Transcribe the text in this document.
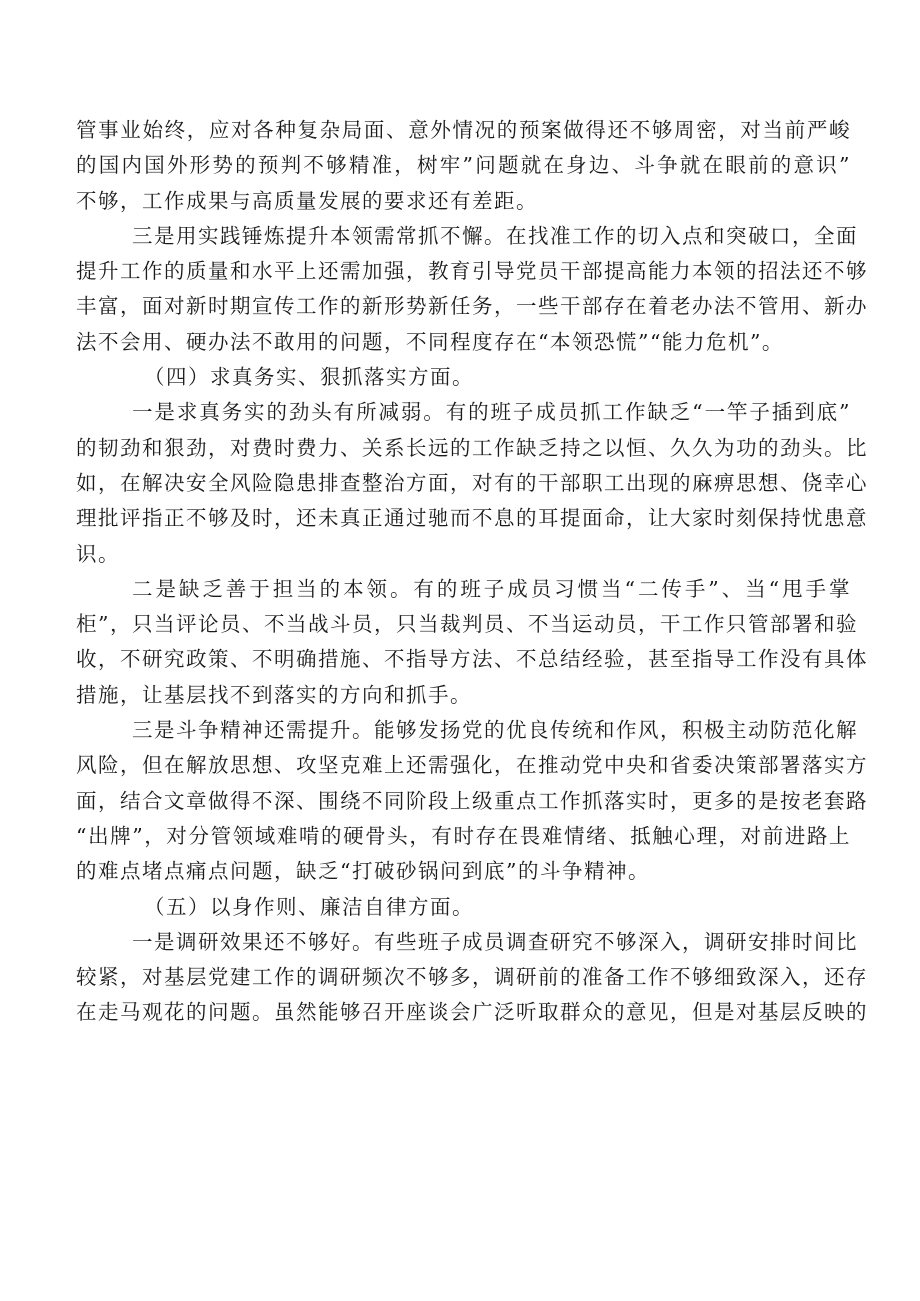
管事业始终，应对各种复杂局面、意外情况的预案做得还不够周密，对当前严峻
的国内国外形势的预判不够精准，树牢”问题就在身边、斗争就在眼前的意识”
不够，工作成果与高质量发展的要求还有差距。
三是用实践锤炼提升本领需常抓不懈。在找准工作的切入点和突破口，全面
提升工作的质量和水平上还需加强，教育引导党员干部提高能力本领的招法还不够
丰富，面对新时期宣传工作的新形势新任务，一些干部存在着老办法不管用、新办
法不会用、硬办法不敢用的问题，不同程度存在“本领恐慌”“能力危机”。
（四）求真务实、狠抓落实方面。
一是求真务实的劲头有所减弱。有的班子成员抓工作缺乏“一竿子插到底”
的韧劲和狠劲，对费时费力、关系长远的工作缺乏持之以恒、久久为功的劲头。比
如，在解决安全风险隐患排查整治方面，对有的干部职工出现的麻痹思想、侥幸心
理批评指正不够及时，还未真正通过驰而不息的耳提面命，让大家时刻保持忧患意
识。
二是缺乏善于担当的本领。有的班子成员习惯当“二传手”、当“甩手掌
柜”，只当评论员、不当战斗员，只当裁判员、不当运动员，干工作只管部署和验
收，不研究政策、不明确措施、不指导方法、不总结经验，甚至指导工作没有具体
措施，让基层找不到落实的方向和抓手。
三是斗争精神还需提升。能够发扬党的优良传统和作风，积极主动防范化解
风险，但在解放思想、攻坚克难上还需强化，在推动党中央和省委决策部署落实方
面，结合文章做得不深、围绕不同阶段上级重点工作抓落实时，更多的是按老套路
“出牌”，对分管领域难啃的硬骨头，有时存在畏难情绪、抵触心理，对前进路上
的难点堵点痛点问题，缺乏“打破砂锅问到底”的斗争精神。
（五）以身作则、廉洁自律方面。
一是调研效果还不够好。有些班子成员调查研究不够深入，调研安排时间比
较紧，对基层党建工作的调研频次不够多，调研前的准备工作不够细致深入，还存
在走马观花的问题。虽然能够召开座谈会广泛听取群众的意见，但是对基层反映的
